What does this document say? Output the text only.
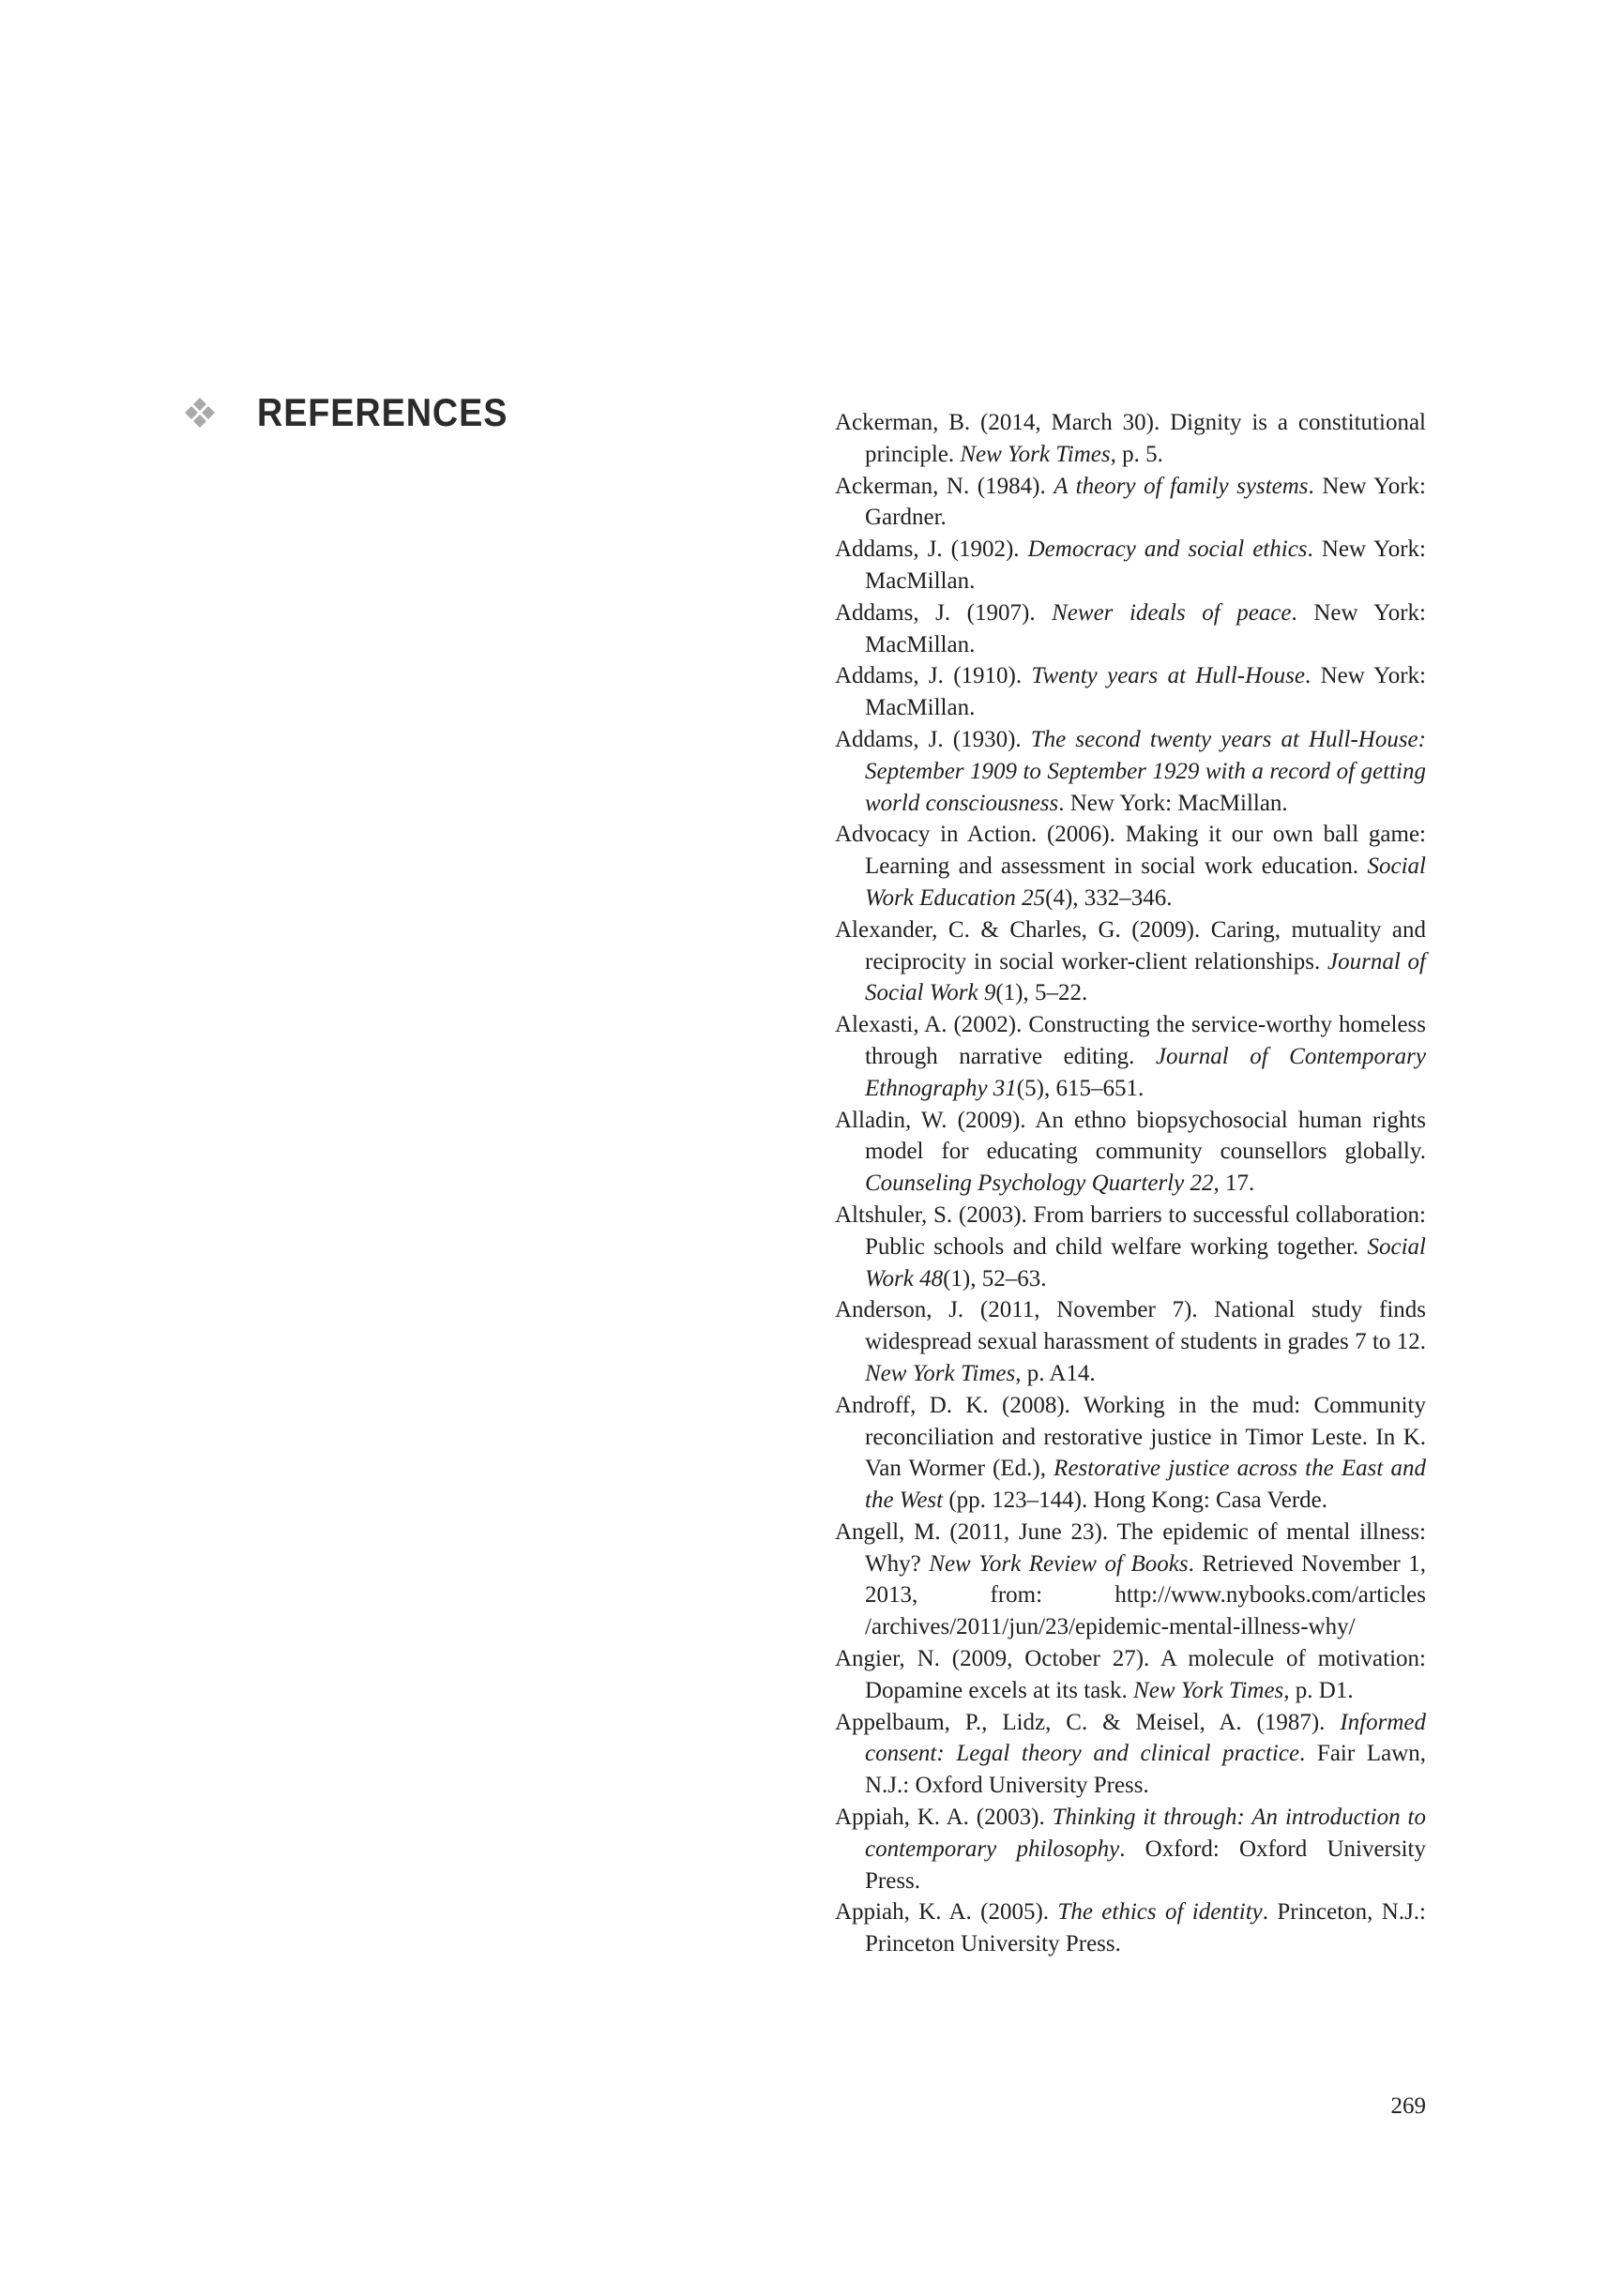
REFERENCES	Ackerman, B. (2014, March 30). Dignity is a constitutional principle. New York Times, p. 5.
Ackerman, N. (1984). A theory of family systems. New York: Gardner.
Addams, J. (1902). Democracy and social ethics. New York: MacMillan.
Addams, J. (1907). Newer ideals of peace. New York: MacMillan.
Addams, J. (1910). Twenty years at Hull-House. New York: MacMillan.
Addams, J. (1930). The second twenty years at Hull-House: September 1909 to September 1929 with a record of getting world consciousness. New York: MacMillan.
Advocacy in Action. (2006). Making it our own ball game: Learning and assessment in social work education. Social Work Education 25(4), 332–346.
Alexander, C. & Charles, G. (2009). Caring, mutuality and reciprocity in social worker-client relationships. Journal of Social Work 9(1), 5–22.
Alexasti, A. (2002). Constructing the service-worthy homeless through narrative editing. Journal of Contemporary Ethnography 31(5), 615–651.
Alladin, W. (2009). An ethno biopsychosocial human rights model for educating community counsellors globally. Counseling Psychology Quarterly 22, 17.
Altshuler, S. (2003). From barriers to successful collaboration: Public schools and child welfare working together. Social Work 48(1), 52–63.
Anderson, J. (2011, November 7). National study finds widespread sexual harassment of students in grades 7 to 12. New York Times, p. A14.
Androff, D. K. (2008). Working in the mud: Community reconciliation and restorative justice in Timor Leste. In K. Van Wormer (Ed.), Restorative justice across the East and the West (pp. 123–144). Hong Kong: Casa Verde.
Angell, M. (2011, June 23). The epidemic of mental illness: Why? New York Review of Books. Retrieved November 1, 2013, from: http://www.nybooks.com/articles /archives/2011/jun/23/epidemic-mental-illness-why/
Angier, N. (2009, October 27). A molecule of motivation: Dopamine excels at its task. New York Times, p. D1.
Appelbaum, P., Lidz, C. & Meisel, A. (1987). Informed consent: Legal theory and clinical practice. Fair Lawn, N.J.: Oxford University Press.
Appiah, K. A. (2003). Thinking it through: An introduction to contemporary philosophy. Oxford: Oxford University Press.
Appiah, K. A. (2005). The ethics of identity. Princeton, N.J.: Princeton University Press.
269
